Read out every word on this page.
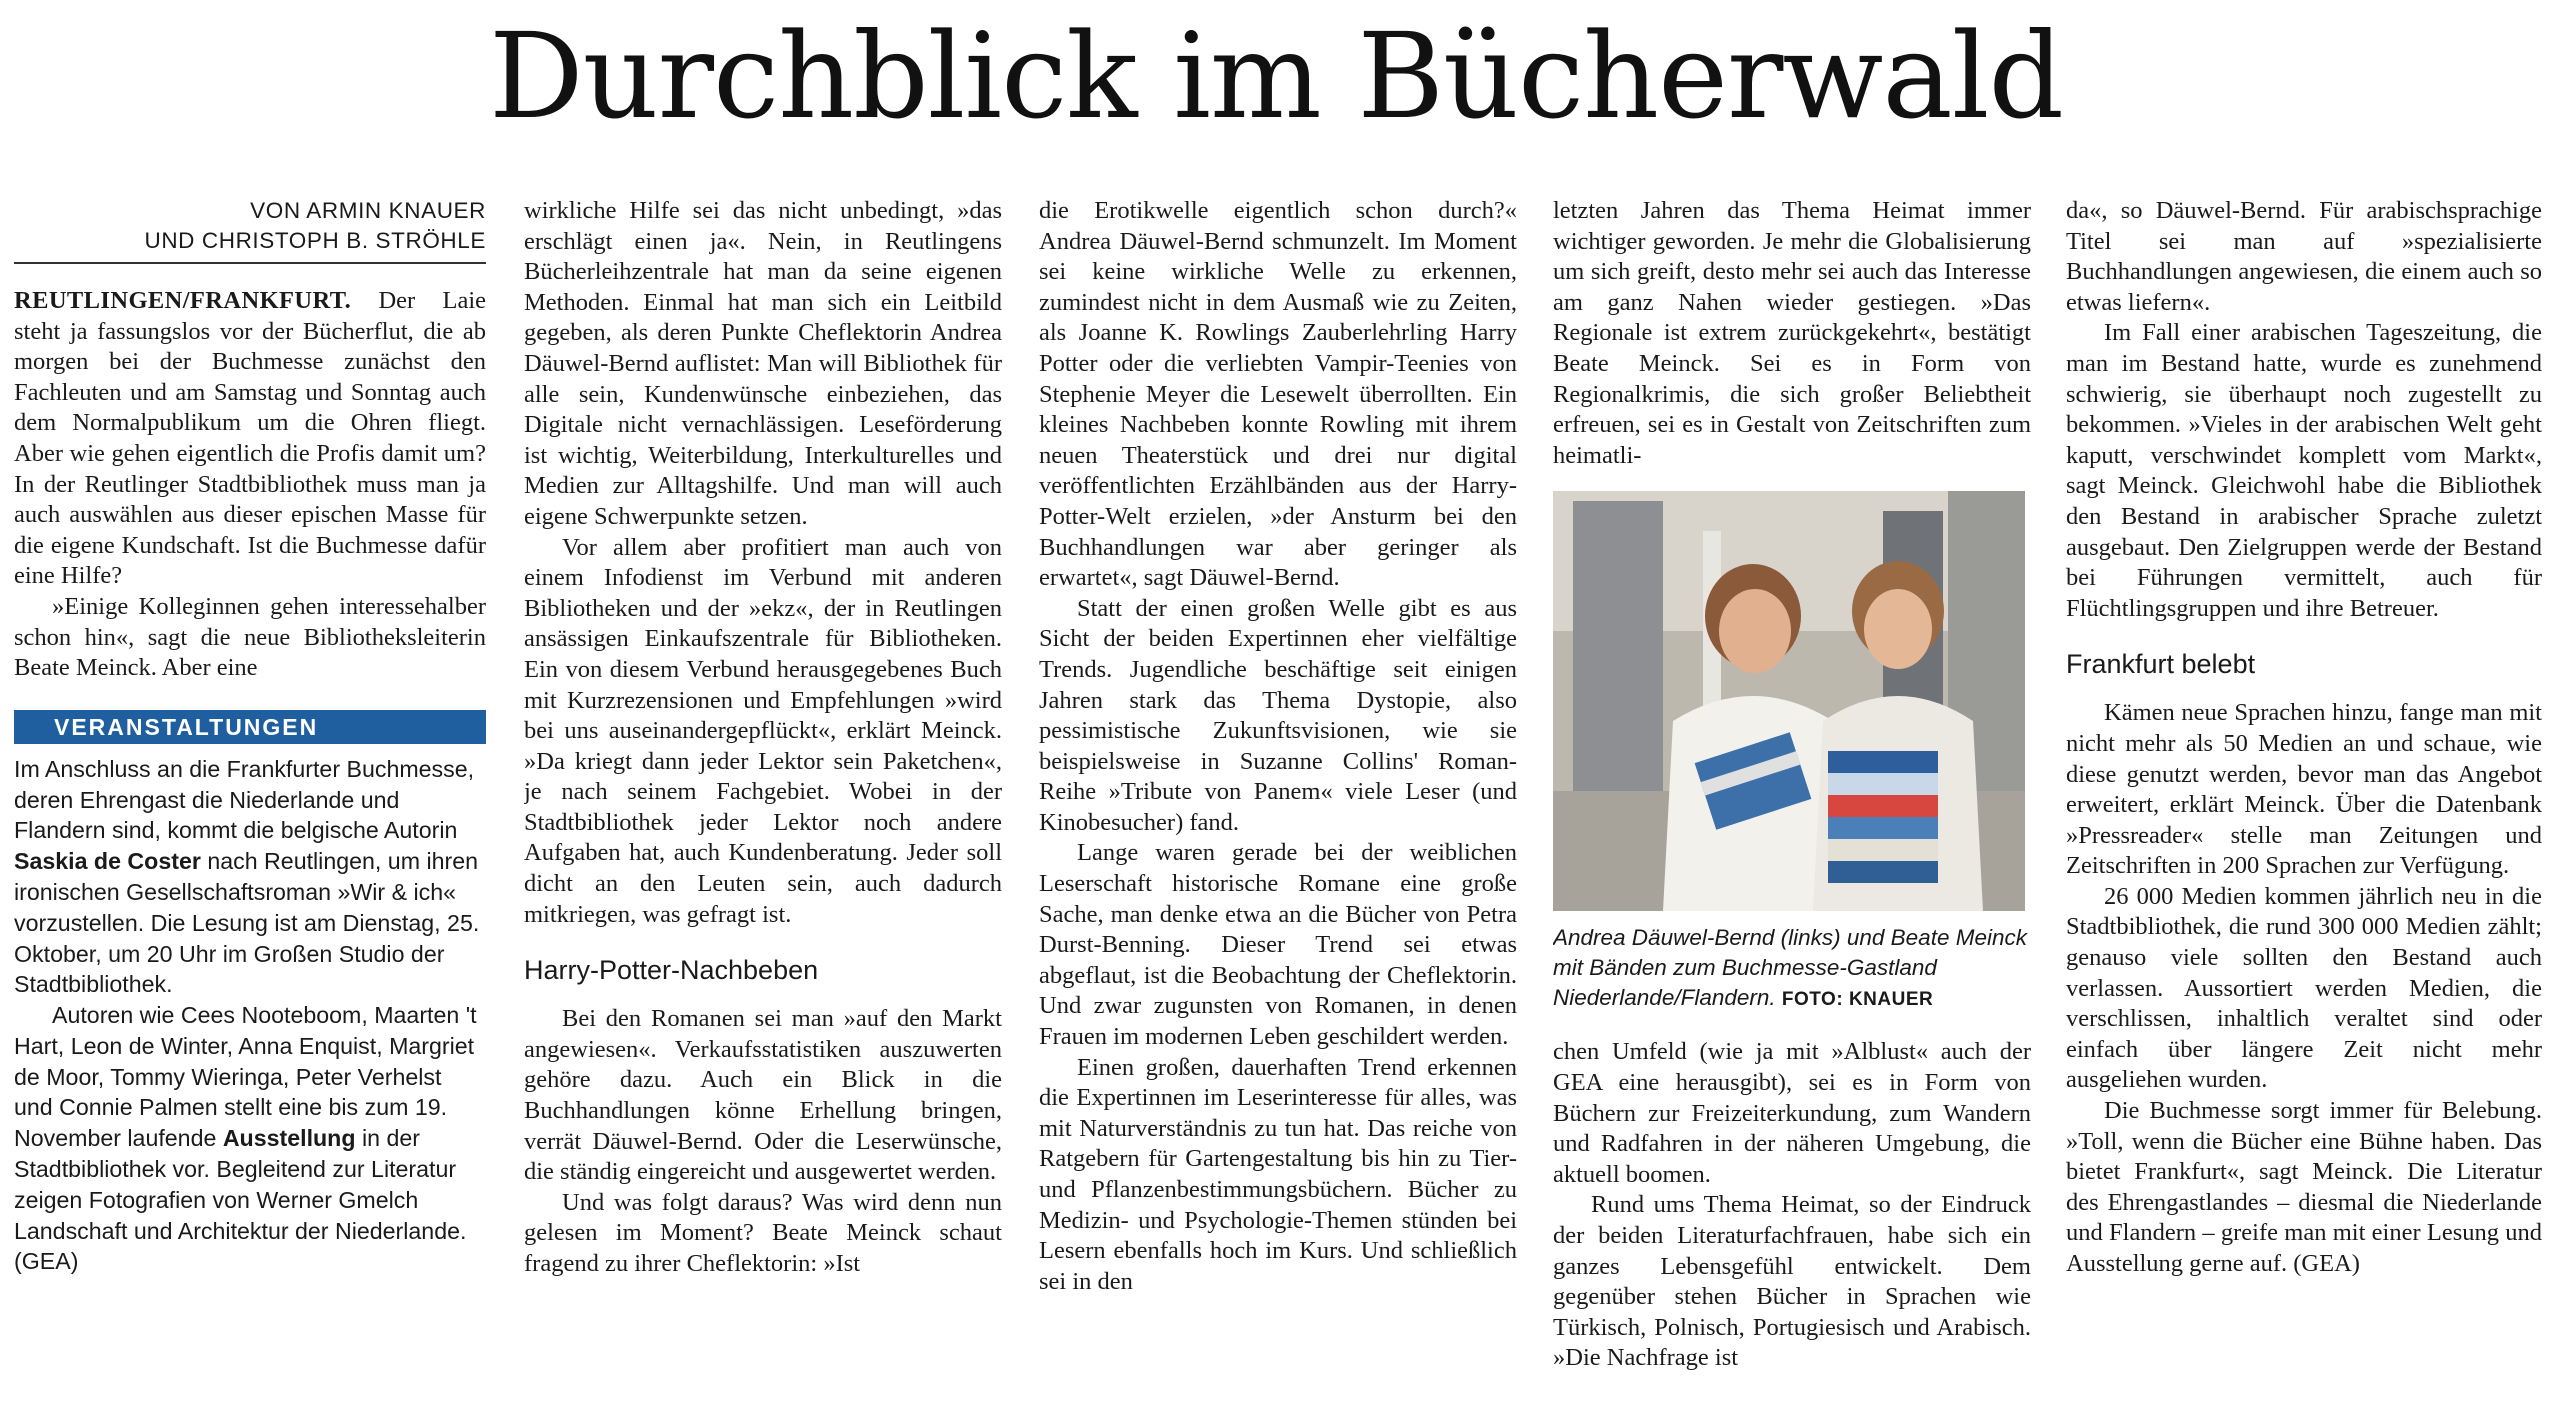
Durchblick im Bücherwald
VON ARMIN KNAUER
UND CHRISTOPH B. STRÖHLE

REUTLINGEN/FRANKFURT. Der Laie steht ja fassungslos vor der Bücherflut, die ab morgen bei der Buchmesse zunächst den Fachleuten und am Samstag und Sonntag auch dem Normalpublikum um die Ohren fliegt. Aber wie gehen eigentlich die Profis damit um? In der Reutlinger Stadtbibliothek muss man ja auch auswählen aus dieser epischen Masse für die eigene Kundschaft. Ist die Buchmesse dafür eine Hilfe?

»Einige Kolleginnen gehen interessehalber schon hin«, sagt die neue Bibliotheksleiterin Beate Meinck. Aber eine

VERANSTALTUNGEN

Im Anschluss an die Frankfurter Buchmesse, deren Ehrengast die Niederlande und Flandern sind, kommt die belgische Autorin Saskia de Coster nach Reutlingen, um ihren ironischen Gesellschaftsroman »Wir & ich« vorzustellen. Die Lesung ist am Dienstag, 25. Oktober, um 20 Uhr im Großen Studio der Stadtbibliothek.

Autoren wie Cees Nooteboom, Maarten 't Hart, Leon de Winter, Anna Enquist, Margriet de Moor, Tommy Wieringa, Peter Verhelst und Connie Palmen stellt eine bis zum 19. November laufende Ausstellung in der Stadtbibliothek vor. Begleitend zur Literatur zeigen Fotografien von Werner Gmelch Landschaft und Architektur der Niederlande. (GEA)

wirkliche Hilfe sei das nicht unbedingt, »das erschlägt einen ja«. Nein, in Reutlingens Bücherleihzentrale hat man da seine eigenen Methoden. Einmal hat man sich ein Leitbild gegeben, als deren Punkte Cheflektorin Andrea Däuwel-Bernd auflistet: Man will Bibliothek für alle sein, Kundenwünsche einbeziehen, das Digitale nicht vernachlässigen. Leseförderung ist wichtig, Weiterbildung, Interkulturelles und Medien zur Alltagshilfe. Und man will auch eigene Schwerpunkte setzen.

Vor allem aber profitiert man auch von einem Infodienst im Verbund mit anderen Bibliotheken und der »ekz«, der in Reutlingen ansässigen Einkaufszentrale für Bibliotheken. Ein von diesem Verbund herausgegebenes Buch mit Kurzrezensionen und Empfehlungen »wird bei uns auseinandergepflückt«, erklärt Meinck. »Da kriegt dann jeder Lektor sein Paketchen«, je nach seinem Fachgebiet. Wobei in der Stadtbibliothek jeder Lektor noch andere Aufgaben hat, auch Kundenberatung. Jeder soll dicht an den Leuten sein, auch dadurch mitkriegen, was gefragt ist.

Harry-Potter-Nachbeben

Bei den Romanen sei man »auf den Markt angewiesen«. Verkaufsstatistiken auszuwerten gehöre dazu. Auch ein Blick in die Buchhandlungen könne Erhellung bringen, verrät Däuwel-Bernd. Oder die Leserwünsche, die ständig eingereicht und ausgewertet werden.

Und was folgt daraus? Was wird denn nun gelesen im Moment? Beate Meinck schaut fragend zu ihrer Cheflektorin: »Ist

die Erotikwelle eigentlich schon durch?« Andrea Däuwel-Bernd schmunzelt. Im Moment sei keine wirkliche Welle zu erkennen, zumindest nicht in dem Ausmaß wie zu Zeiten, als Joanne K. Rowlings Zauberlehrling Harry Potter oder die verliebten Vampir-Teenies von Stephenie Meyer die Lesewelt überrollten. Ein kleines Nachbeben konnte Rowling mit ihrem neuen Theaterstück und drei nur digital veröffentlichten Erzählbänden aus der Harry-Potter-Welt erzielen, »der Ansturm bei den Buchhandlungen war aber geringer als erwartet«, sagt Däuwel-Bernd.

Statt der einen großen Welle gibt es aus Sicht der beiden Expertinnen eher vielfältige Trends. Jugendliche beschäftige seit einigen Jahren stark das Thema Dystopie, also pessimistische Zukunftsvisionen, wie sie beispielsweise in Suzanne Collins' Roman-Reihe »Tribute von Panem« viele Leser (und Kinobesucher) fand.

Lange waren gerade bei der weiblichen Leserschaft historische Romane eine große Sache, man denke etwa an die Bücher von Petra Durst-Benning. Dieser Trend sei etwas abgeflaut, ist die Beobachtung der Cheflektorin. Und zwar zugunsten von Romanen, in denen Frauen im modernen Leben geschildert werden.

Einen großen, dauerhaften Trend erkennen die Expertinnen im Leserinteresse für alles, was mit Naturverständnis zu tun hat. Das reiche von Ratgebern für Gartengestaltung bis hin zu Tier- und Pflanzenbestimmungsbüchern. Bücher zu Medizin- und Psychologie-Themen stünden bei Lesern ebenfalls hoch im Kurs. Und schließlich sei in den

letzten Jahren das Thema Heimat immer wichtiger geworden. Je mehr die Globalisierung um sich greift, desto mehr sei auch das Interesse am ganz Nahen wieder gestiegen. »Das Regionale ist extrem zurückgekehrt«, bestätigt Beate Meinck. Sei es in Form von Regionalkrimis, die sich großer Beliebtheit erfreuen, sei es in Gestalt von Zeitschriften zum heimatli-

Andrea Däuwel-Bernd (links) und Beate Meinck mit Bänden zum Buchmesse-Gastland Niederlande/Flandern. FOTO: KNAUER

chen Umfeld (wie ja mit »Alblust« auch der GEA eine herausgibt), sei es in Form von Büchern zur Freizeiterkundung, zum Wandern und Radfahren in der näheren Umgebung, die aktuell boomen.

Rund ums Thema Heimat, so der Eindruck der beiden Literaturfachfrauen, habe sich ein ganzes Lebensgefühl entwickelt. Dem gegenüber stehen Bücher in Sprachen wie Türkisch, Polnisch, Portugiesisch und Arabisch. »Die Nachfrage ist

da«, so Däuwel-Bernd. Für arabischsprachige Titel sei man auf »spezialisierte Buchhandlungen angewiesen, die einem auch so etwas liefern«.

Im Fall einer arabischen Tageszeitung, die man im Bestand hatte, wurde es zunehmend schwierig, sie überhaupt noch zugestellt zu bekommen. »Vieles in der arabischen Welt geht kaputt, verschwindet komplett vom Markt«, sagt Meinck. Gleichwohl habe die Bibliothek den Bestand in arabischer Sprache zuletzt ausgebaut. Den Zielgruppen werde der Bestand bei Führungen vermittelt, auch für Flüchtlingsgruppen und ihre Betreuer.

Frankfurt belebt

Kämen neue Sprachen hinzu, fange man mit nicht mehr als 50 Medien an und schaue, wie diese genutzt werden, bevor man das Angebot erweitert, erklärt Meinck. Über die Datenbank »Pressreader« stelle man Zeitungen und Zeitschriften in 200 Sprachen zur Verfügung.

26 000 Medien kommen jährlich neu in die Stadtbibliothek, die rund 300 000 Medien zählt; genauso viele sollten den Bestand auch verlassen. Aussortiert werden Medien, die verschlissen, inhaltlich veraltet sind oder einfach über längere Zeit nicht mehr ausgeliehen wurden.

Die Buchmesse sorgt immer für Belebung. »Toll, wenn die Bücher eine Bühne haben. Das bietet Frankfurt«, sagt Meinck. Die Literatur des Ehrengastlandes – diesmal die Niederlande und Flandern – greife man mit einer Lesung und Ausstellung gerne auf. (GEA)
